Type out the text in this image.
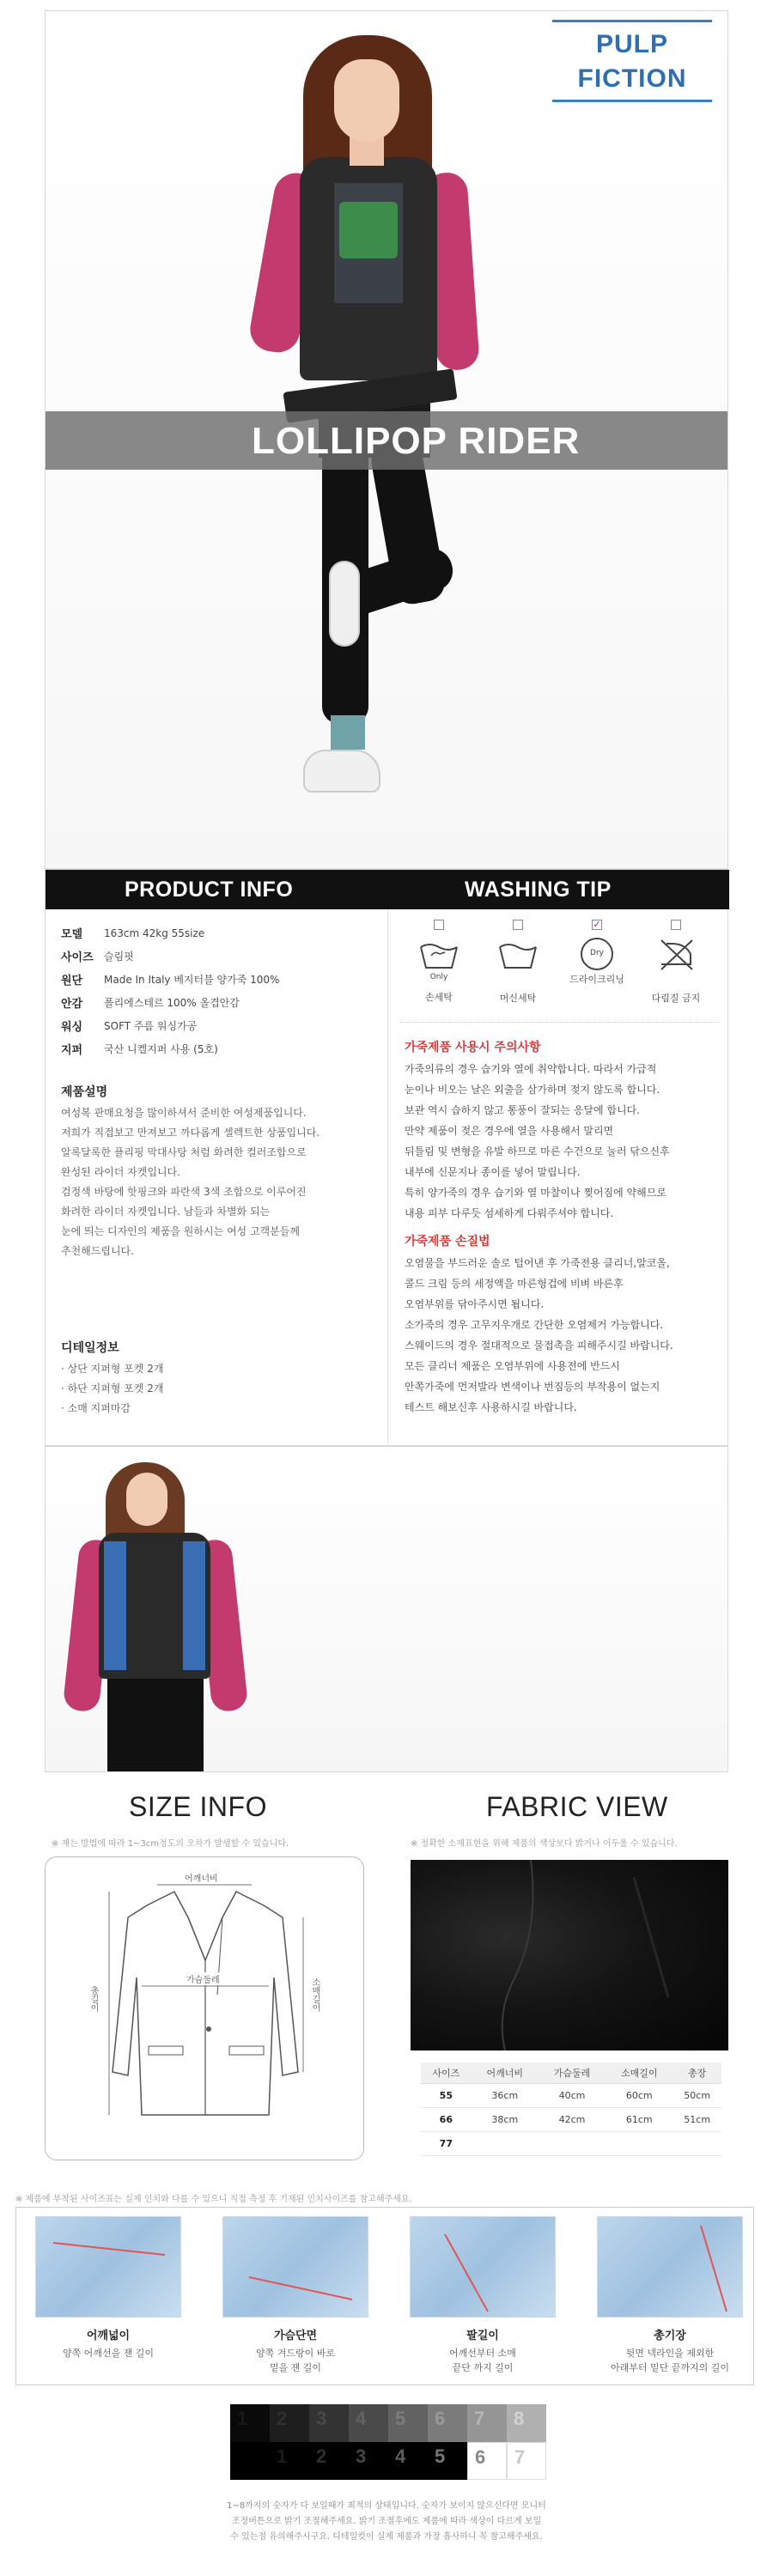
PULP
FICTION
LOLLIPOP RIDER
PRODUCT INFO	WASHING TIP
모델	163cm 42kg 55size
사이즈	슬림핏
원단	Made In Italy 베지터블 양가죽 100%
안감	폴리에스테르 100% 올겹안감
워싱	SOFT 주름 워싱가공
지퍼	국산 니켈지퍼 사용 (5호)
제품설명
여성복 판매요청을 많이하셔서 준비한 여성제품입니다.
저희가 직접보고 만져보고 까다롭게 셀렉트한 상품입니다.
알록달록한 플리핑 막대사탕 처럼 화려한 컬러조합으로
완성된 라이더 자켓입니다.
검정색 바탕에 핫핑크와 파란색 3색 조합으로 이루어진
화려한 라이더 자켓입니다. 남들과 차별화 되는
눈에 띄는 디자인의 제품을 원하시는 여성 고객분들께
추천해드립니다.
디테일정보
· 상단 지퍼형 포켓 2개
· 하단 지퍼형 포켓 2개
· 소매 지퍼마감
Only
손세탁	머신세탁
✓
Dry
드라이크리닝
다림질 금지
가죽제품 사용시 주의사항
가죽의류의 경우 습기와 열에 취약합니다. 따라서 가급적
눈이나 비오는 날은 외출을 삼가하며 젖지 않도록 합니다.
보관 역시 습하지 않고 통풍이 잘되는 응달에 합니다.
만약 제품이 젖은 경우에 열을 사용해서 말리면
뒤틀림 및 변형을 유발 하므로 마른 수건으로 눌러 닦으신후
내부에 신문지나 종이를 넣어 말립니다.
특히 양가죽의 경우 습기와 열 마찰이나 찢어짐에 약해므로
내용 피부 다루듯 섬세하게 다뤄주셔야 합니다.
가죽제품 손질법
오염물을 부드러운 솔로 털어낸 후 가죽전용 클리너,알코올,
콜드 크림 등의 세정액을 마른헝겁에 비벼 바른후
오염부위를 닦아주시면 됩니다.
소가죽의 경우 고무지우개로 간단한 오염제거 가능합니다.
스웨이드의 경우 절대적으로 물접촉을 피해주시길 바랍니다.
모든 클리너 제품은 오염부위에 사용전에 반드시
안쪽가죽에 먼저발라 변색이나 번짐등의 부작용이 없는지
테스트 해보신후 사용하시길 바랍니다.
SIZE INFO
※ 재는 방법에 따라 1~3cm정도의 오차가 발생할 수 있습니다.
FABRIC VIEW
※ 정확한 소재표현을 위해 제품의 색상보다 밝거나 어두울 수 있습니다.
어깨너비
가슴둘레
총길이	소매길이
사이즈	어깨너비	가슴둘레	소매길이	총장
55	36cm	40cm	60cm	50cm
66	38cm	42cm	61cm	51cm
77				
※ 제품에 부착된 사이즈표는 실제 인치와 다를 수 있으니 직접 측정 후 기재된 인치사이즈를 참고해주세요.
어깨넓이
양쪽 어깨선을 잰 길이
가슴단면
양쪽 겨드랑이 바로
밑을 잰 길이
팔길이
어깨선부터 소매
끝단 까지 길이
총기장
뒷면 넥라인을 제외한
아래부터 밑단 끝까지의 길이
1	2	3	4	5	6	7	8
1	2	3	4	5	6	7
1~8까지의 숫자가 다 보일때가 최적의 상태입니다. 숫자가 보이지 않으신다면 모니터
조정버튼으로 밝기 조절해주세요. 밝기 조절후에도 제품에 따라 색상이 다르게 보일
수 있는점 유의해주시구요. 디테일컷이 실제 제품과 가장 흡사하니 꼭 참고해주세요.
